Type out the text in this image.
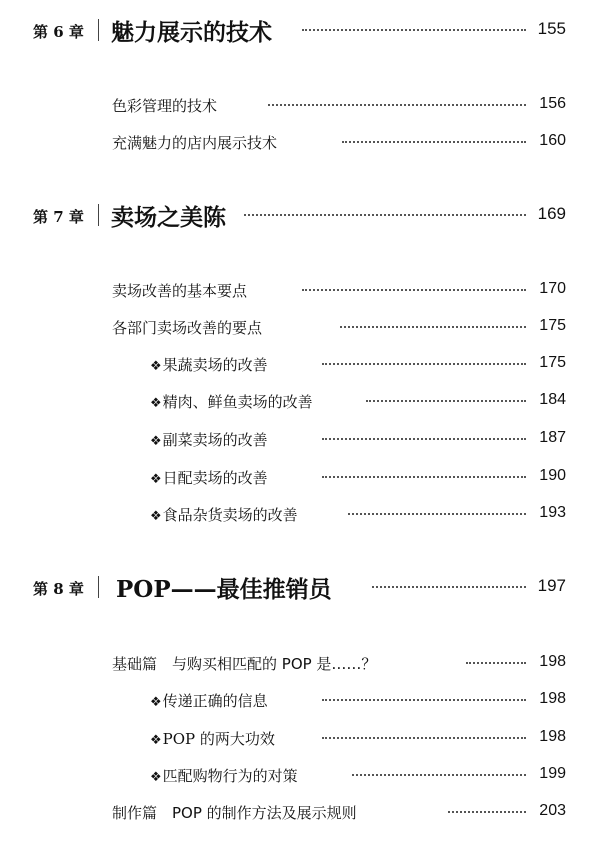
第 6 章 魅力展示的技术	155
色彩管理的技术	156
充满魅力的店内展示技术	160
第 7 章 卖场之美陈	169
卖场改善的基本要点	170
各部门卖场改善的要点	175
❖果蔬卖场的改善	175
❖精肉、鲜鱼卖场的改善	184
❖副菜卖场的改善	187
❖日配卖场的改善	190
❖食品杂货卖场的改善	193
第 8 章 POP——最佳推销员	197
基础篇　与购买相匹配的 POP 是……？	198
❖传递正确的信息	198
❖POP 的两大功效	198
❖匹配购物行为的对策	199
制作篇　POP 的制作方法及展示规则	203
